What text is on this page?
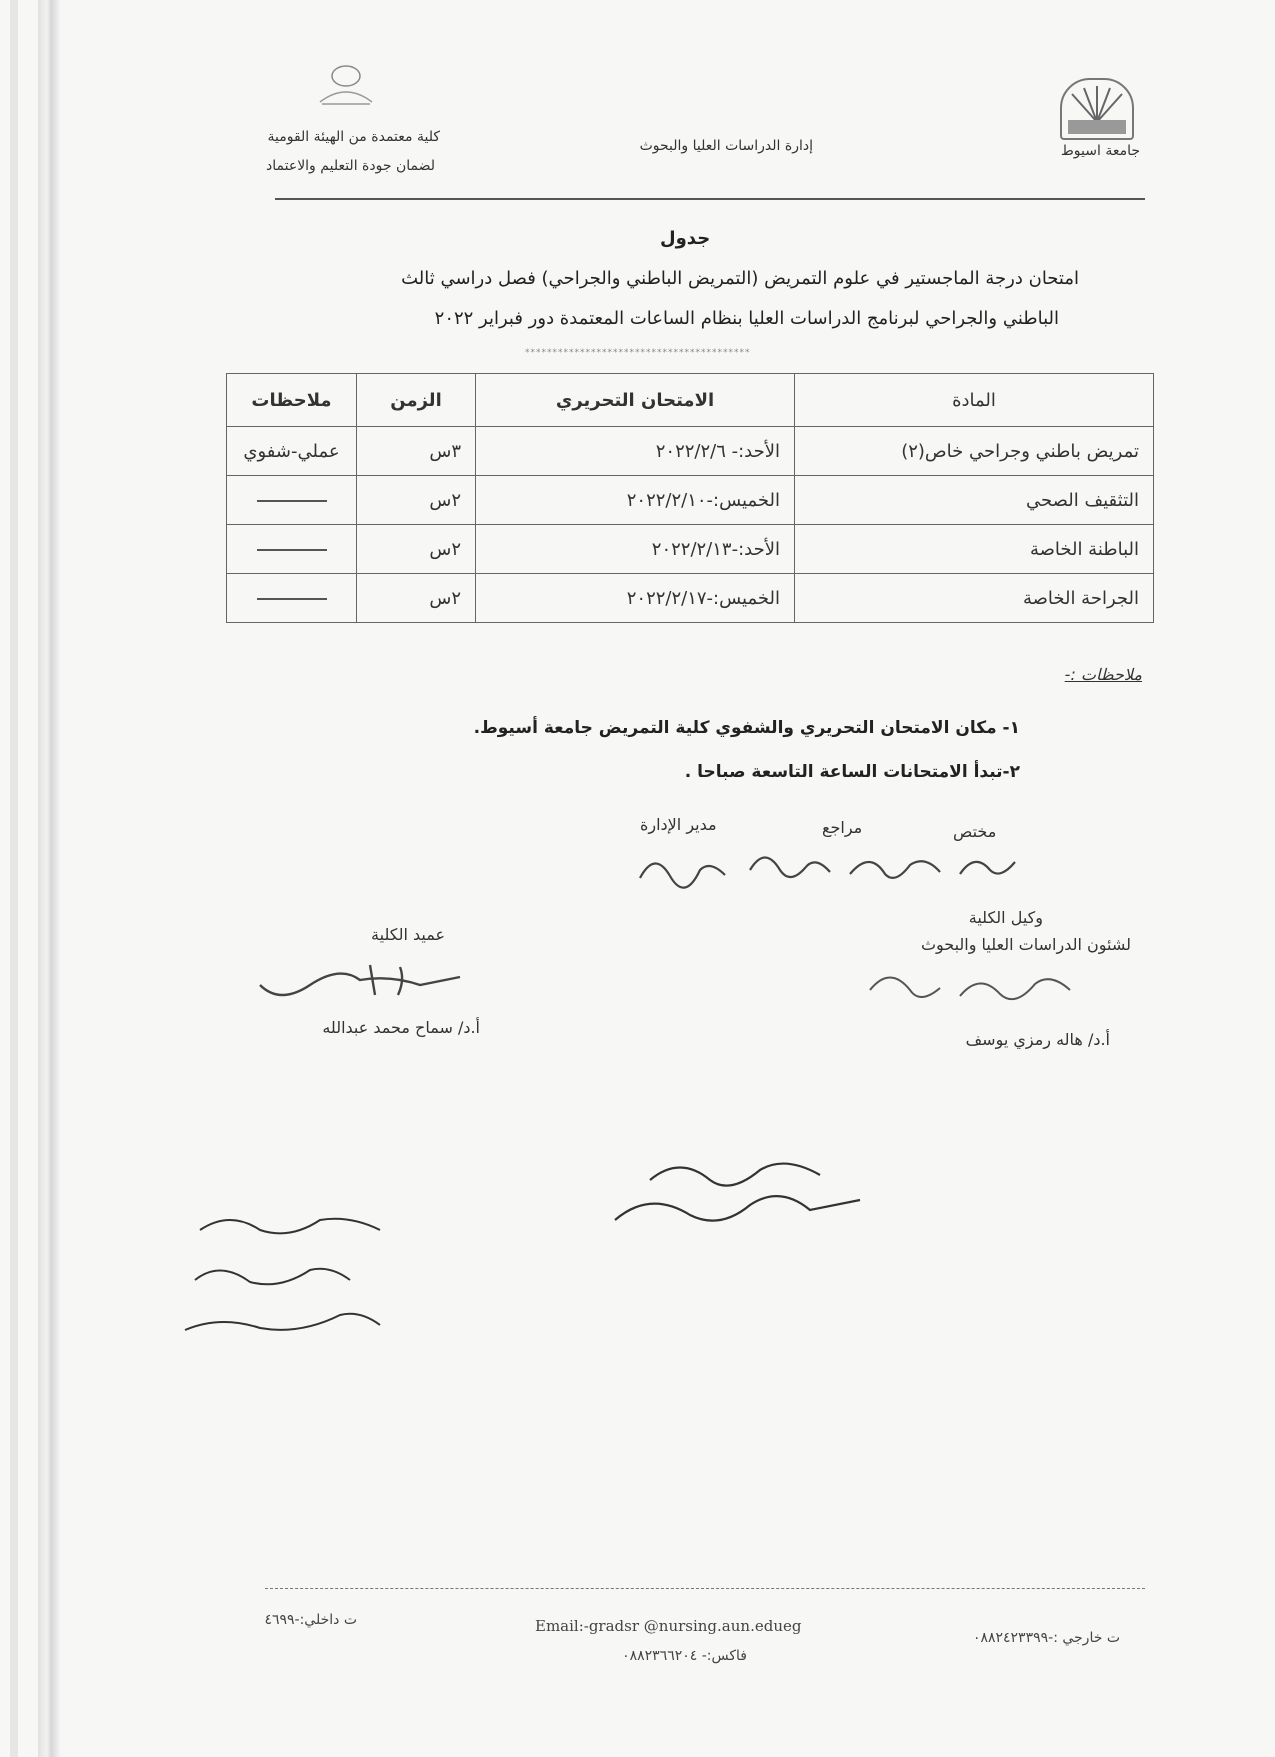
جامعة اسيوط
إدارة الدراسات العليا والبحوث
كلية معتمدة من الهيئة القومية
لضمان جودة التعليم والاعتماد
جدول
امتحان درجة الماجستير في علوم التمريض (التمريض الباطني والجراحي) فصل دراسي ثالث
الباطني والجراحي لبرنامج الدراسات العليا بنظام الساعات المعتمدة دور فبراير ٢٠٢٢
*****************************************
المادة	الامتحان التحريري	الزمن	ملاحظات
تمريض باطني وجراحي خاص(٢)	الأحد:- ٢٠٢٢/٢/٦	٣س	عملي-شفوي
التثقيف الصحي	الخميس:-٢٠٢٢/٢/١٠	٢س	
الباطنة الخاصة	الأحد:-٢٠٢٢/٢/١٣	٢س	
الجراحة الخاصة	الخميس:-٢٠٢٢/٢/١٧	٢س	
ملاحظات :-
١- مكان الامتحان التحريري والشفوي كلية التمريض جامعة أسيوط.
٢-تبدأ الامتحانات الساعة التاسعة صباحا .
مختص
مراجع
مدير الإدارة
وكيل الكلية
لشئون الدراسات العليا والبحوث
أ.د/ هاله رمزي يوسف
عميد الكلية
أ.د/ سماح محمد عبدالله
ت خارجي :-٠٨٨٢٤٢٣٣٩٩
Email:-gradsr @nursing.aun.edueg
ت داخلي:-٤٦٩٩
فاكس:- ٠٨٨٢٣٦٦٢٠٤
